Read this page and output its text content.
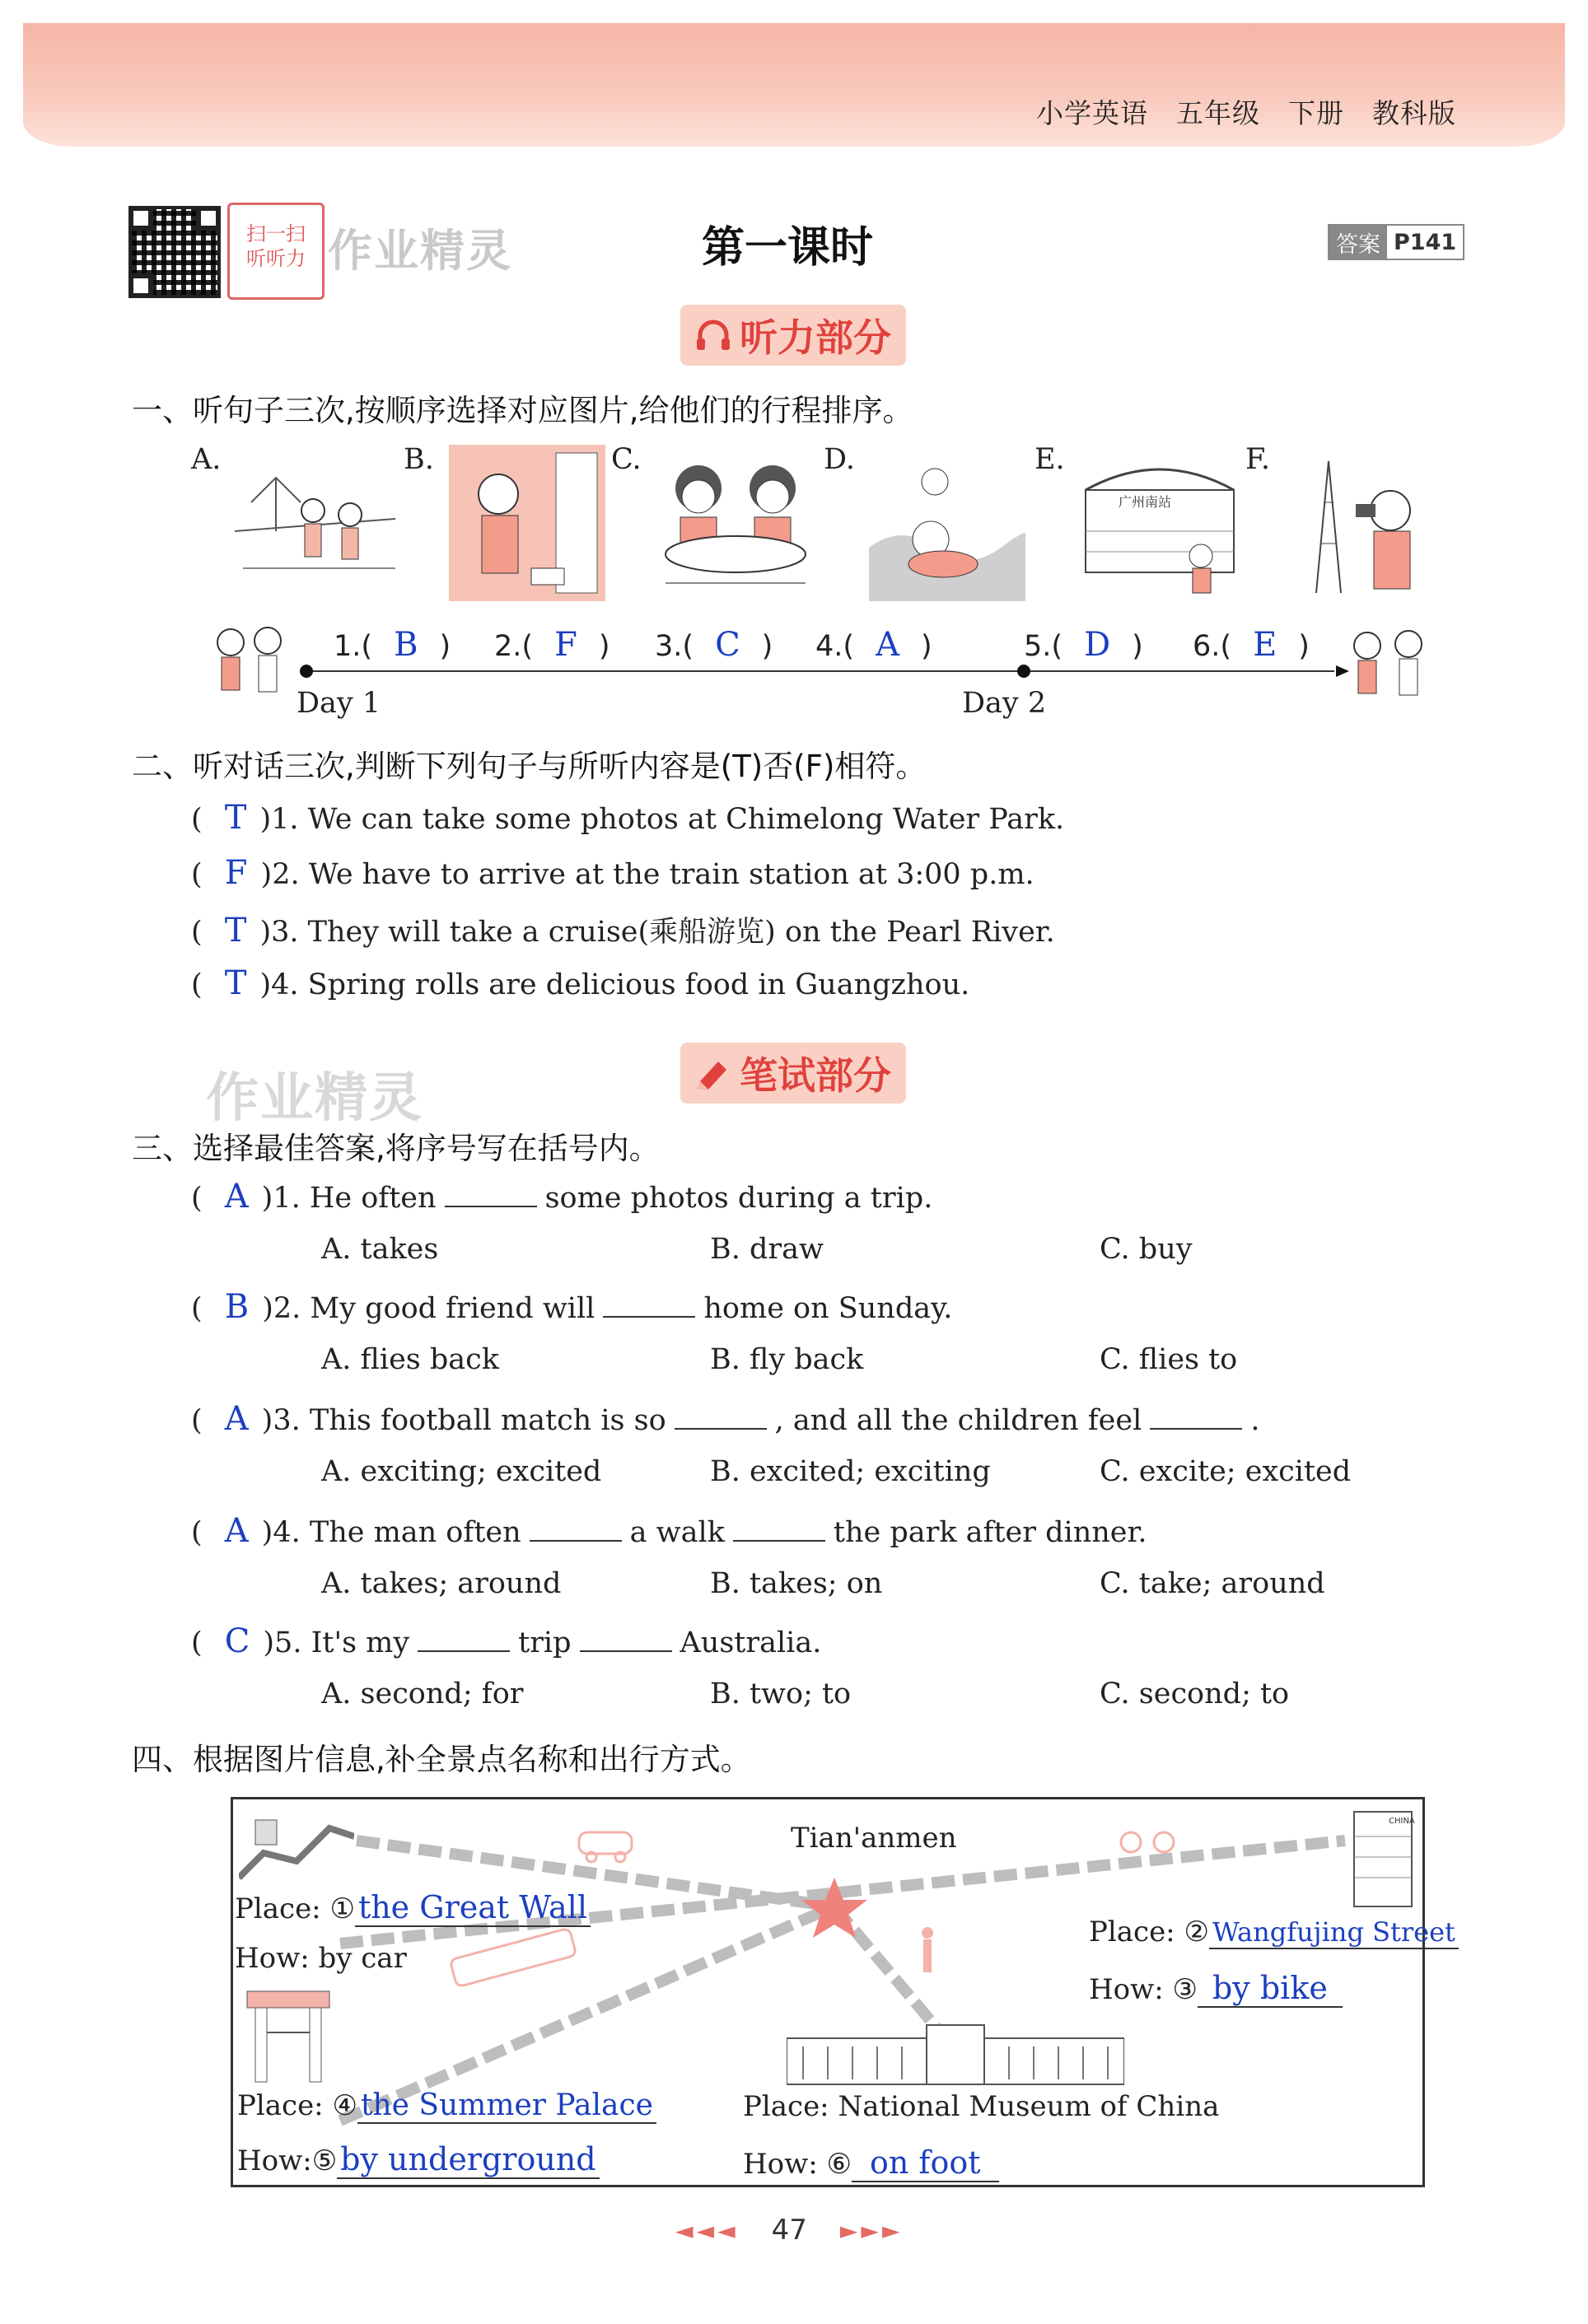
小学英语 五年级 下册 教科版
扫一扫
听听力 作业精灵	第一课时	答案 P141
听力部分
一、听句子三次,按顺序选择对应图片,给他们的行程排序。
A.	B.	C.	D.	E.
广州南站
F.
1.( B ) 2.( F ) 3.( C ) 4.( A )	5.( D ) 6.( E )
Day 1	Day 2
二、听对话三次,判断下列句子与所听内容是(T)否(F)相符。
( T )1. We can take some photos at Chimelong Water Park.
( F )2. We have to arrive at the train station at 3:00 p.m.
( T )3. They will take a cruise(乘船游览) on the Pearl River.
( T )4. Spring rolls are delicious food in Guangzhou.
作业精灵	笔试部分
三、选择最佳答案,将序号写在括号内。
( A )1. He often	some photos during a trip.
A. takes	B. draw	C. buy
( B )2. My good friend will	home on Sunday.
A. flies back	B. fly back	C. flies to
( A )3. This football match is so	, and all the children feel	.
A. exciting; excited	B. excited; exciting	C. excite; excited
( A )4. The man often	a walk	the park after dinner.
A. takes; around	B. takes; on	C. take; around
( C )5. It's my	trip	Australia.
A. second; for	B. two; to	C. second; to
四、根据图片信息,补全景点名称和出行方式。
CHINA
Tian'anmen
Place: ① the Great Wall
How: by car
Place: ② Wangfujing Street
How: ③ by bike
Place: ④ the Summer Palace
How:⑤ by underground
Place: National Museum of China
How: ⑥ on foot
◄◄◄ 47 ►►►
